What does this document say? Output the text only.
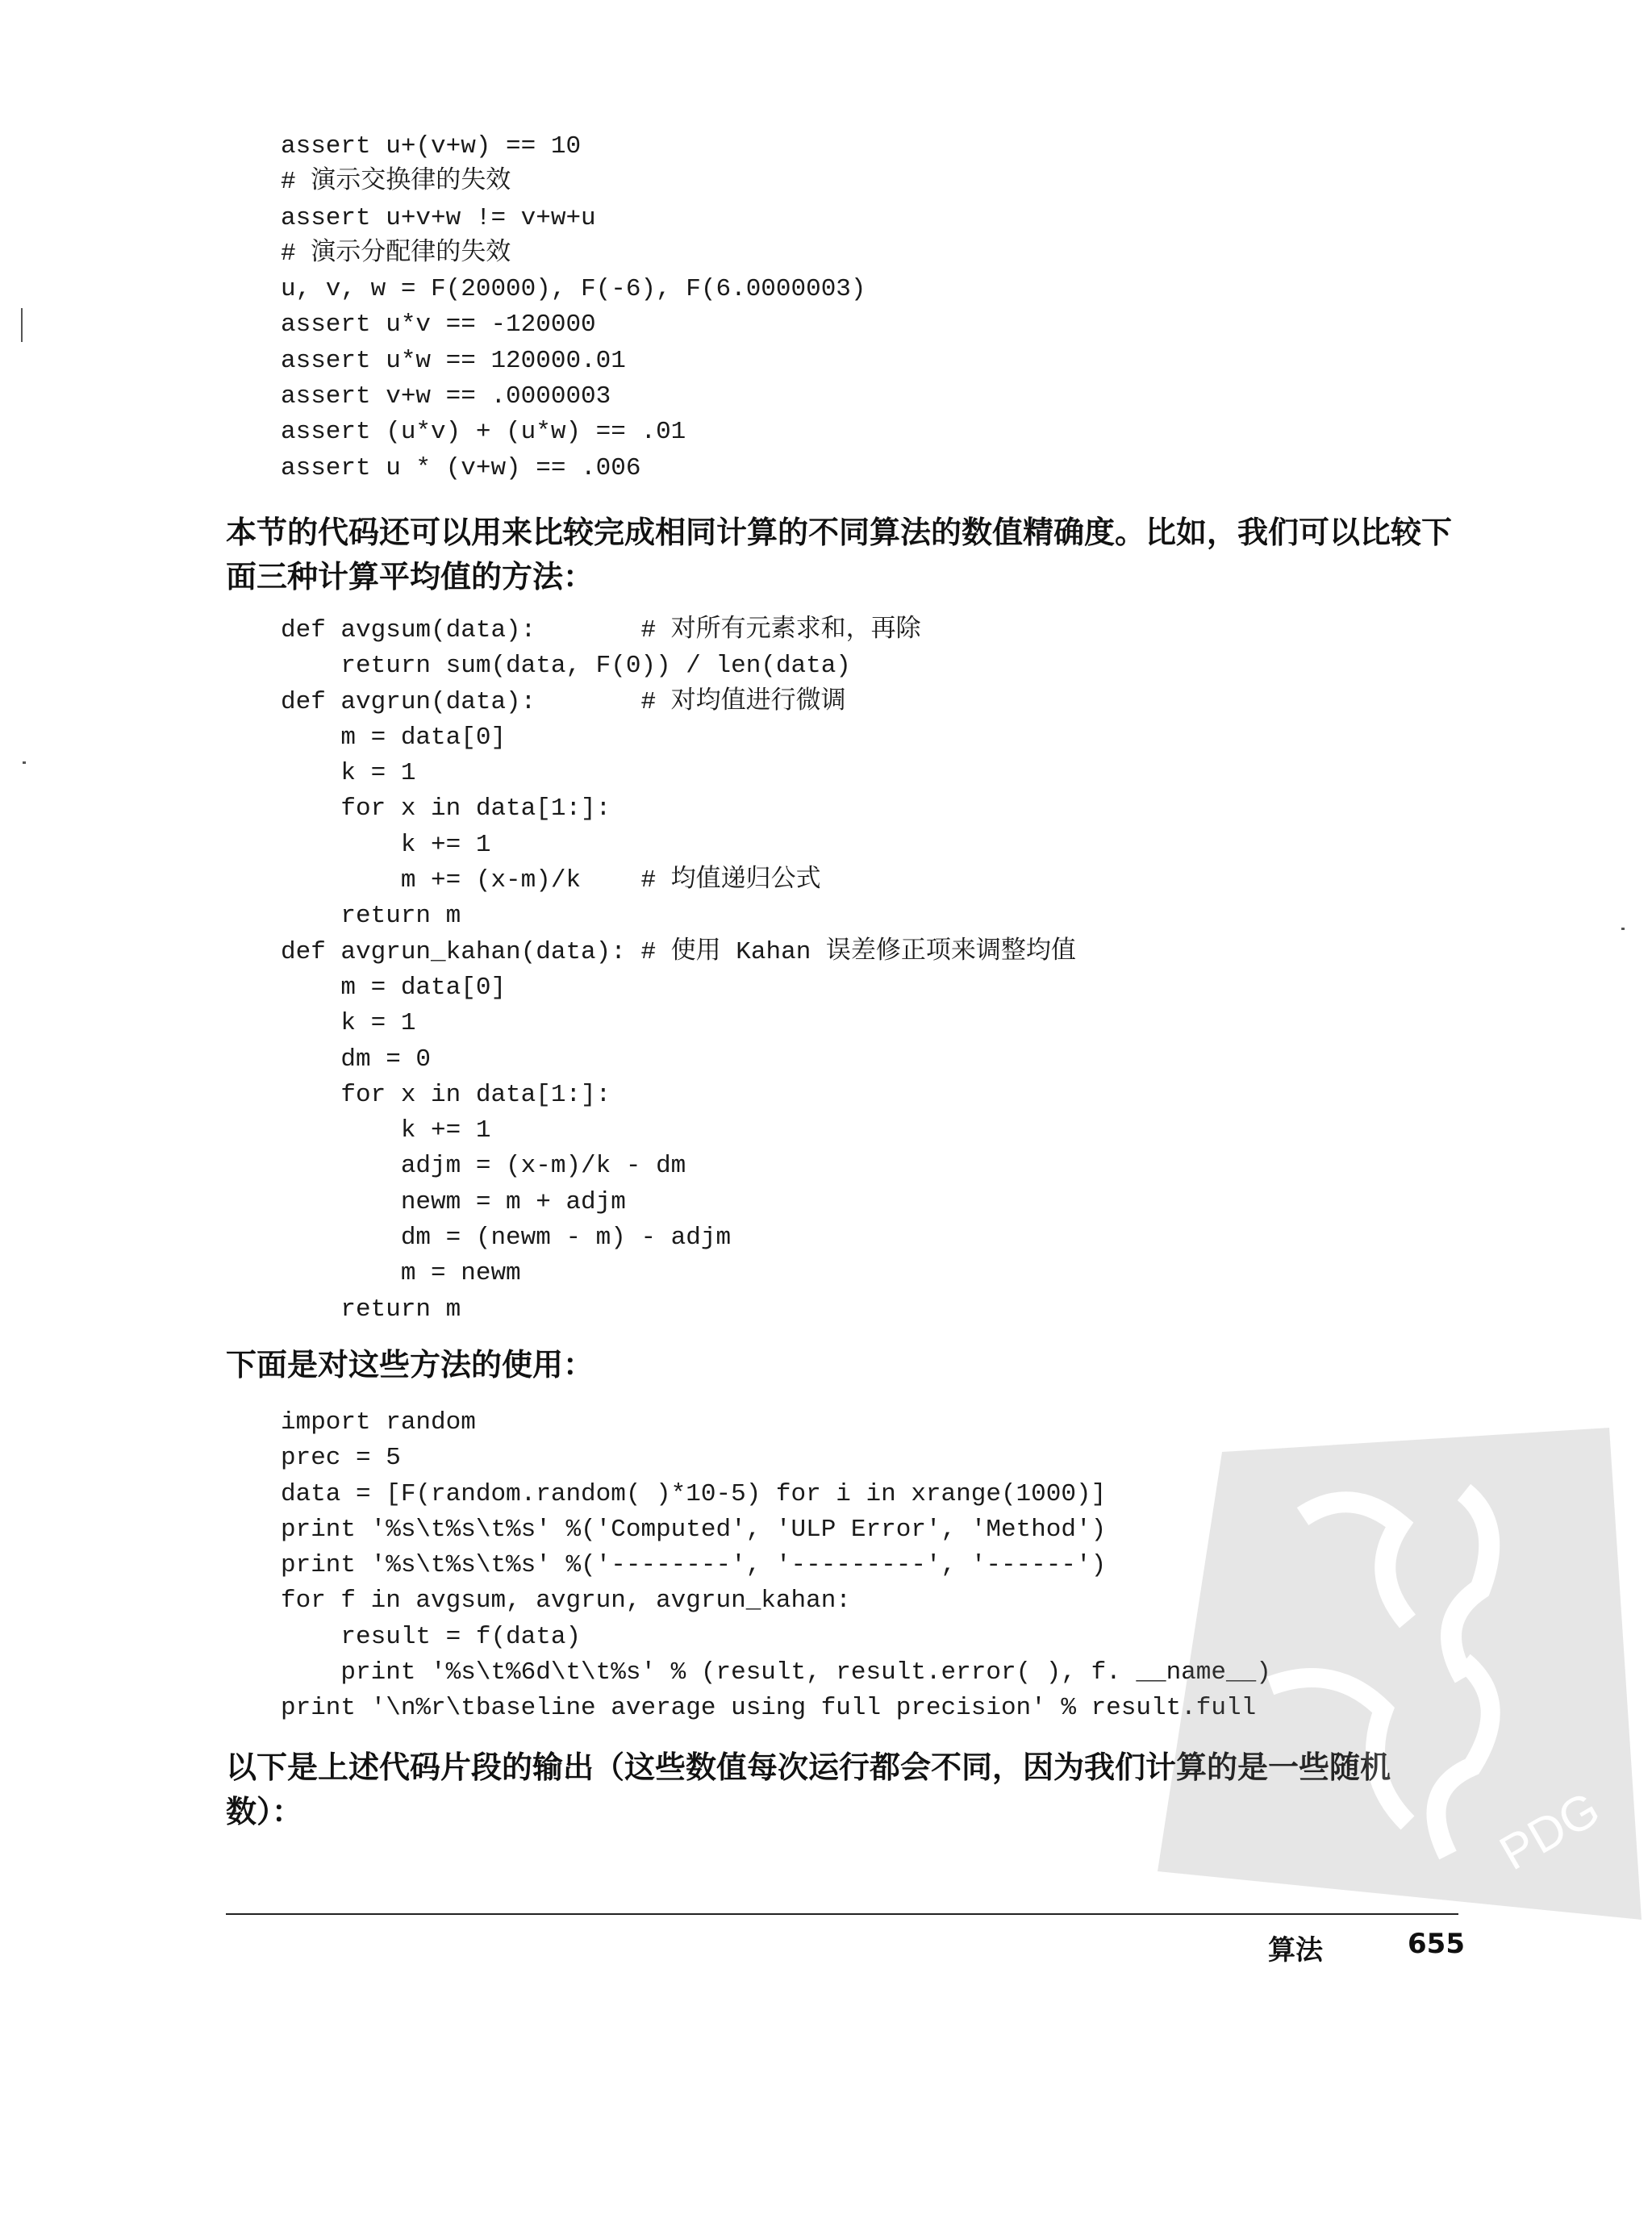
assert u+(v+w) == 10
# 演示交换律的失效
assert u+v+w != v+w+u
# 演示分配律的失效
u, v, w = F(20000), F(-6), F(6.0000003)
assert u*v == -120000
assert u*w == 120000.01
assert v+w == .0000003
assert (u*v) + (u*w) == .01
assert u * (v+w) == .006

本节的代码还可以用来比较完成相同计算的不同算法的数值精确度。比如，我们可以比较下面三种计算平均值的方法：

def avgsum(data):       # 对所有元素求和，再除
return sum(data, F(0)) / len(data)
def avgrun(data):       # 对均值进行微调
m = data[0]
k = 1
for x in data[1:]:
k += 1
m += (x-m)/k    # 均值递归公式
return m
def avgrun_kahan(data): # 使用 Kahan 误差修正项来调整均值
m = data[0]
k = 1
dm = 0
for x in data[1:]:
k += 1
adjm = (x-m)/k - dm
newm = m + adjm
dm = (newm - m) - adjm
m = newm
return m

下面是对这些方法的使用：

import random
prec = 5
data = [F(random.random( )*10-5) for i in xrange(1000)]
print '%s\t%s\t%s' %('Computed', 'ULP Error', 'Method')
print '%s\t%s\t%s' %('--------', '---------', '------')
for f in avgsum, avgrun, avgrun_kahan:
result = f(data)
print '%s\t%6d\t\t%s' % (result, result.error( ), f. __name__)
print '\n%r\tbaseline average using full precision' % result.full

以下是上述代码片段的输出（这些数值每次运行都会不同，因为我们计算的是一些随机数）：	PDG
算法	655
